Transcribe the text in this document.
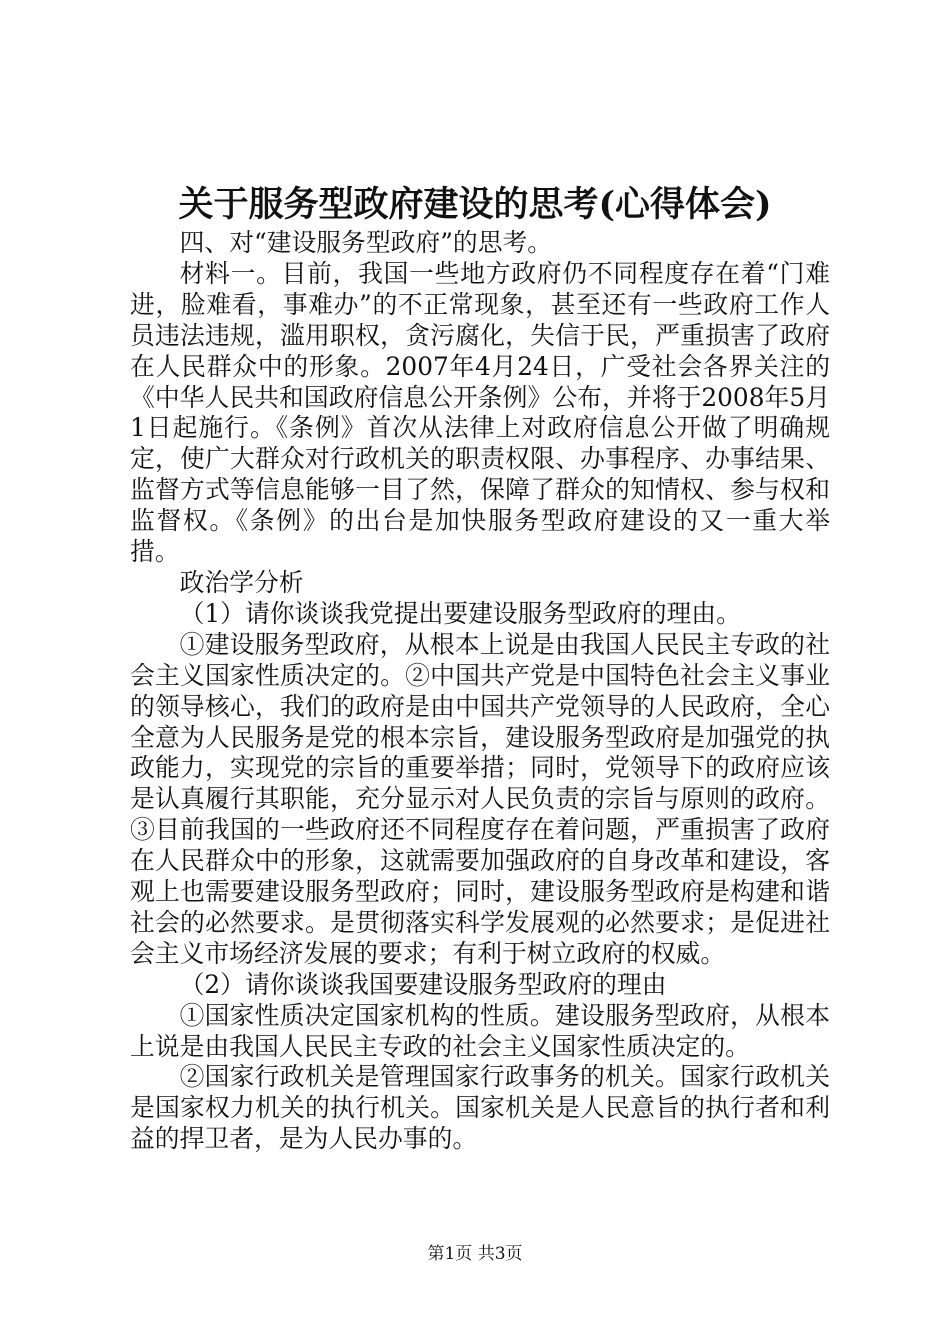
关于服务型政府建设的思考(心得体会)

四、对“建设服务型政府”的思考。

材料一。目前，我国一些地方政府仍不同程度存在着“门难进，脸难看，事难办”的不正常现象，甚至还有一些政府工作人员违法违规，滥用职权，贪污腐化，失信于民，严重损害了政府在人民群众中的形象。2007年4月24日，广受社会各界关注的《中华人民共和国政府信息公开条例》公布，并将于2008年5月1日起施行。《条例》首次从法律上对政府信息公开做了明确规定，使广大群众对行政机关的职责权限、办事程序、办事结果、监督方式等信息能够一目了然，保障了群众的知情权、参与权和监督权。《条例》的出台是加快服务型政府建设的又一重大举措。

政治学分析

（1）请你谈谈我党提出要建设服务型政府的理由。

①建设服务型政府，从根本上说是由我国人民民主专政的社会主义国家性质决定的。②中国共产党是中国特色社会主义事业的领导核心，我们的政府是由中国共产党领导的人民政府，全心全意为人民服务是党的根本宗旨，建设服务型政府是加强党的执政能力，实现党的宗旨的重要举措；同时，党领导下的政府应该是认真履行其职能，充分显示对人民负责的宗旨与原则的政府。③目前我国的一些政府还不同程度存在着问题，严重损害了政府在人民群众中的形象，这就需要加强政府的自身改革和建设，客观上也需要建设服务型政府；同时，建设服务型政府是构建和谐社会的必然要求。是贯彻落实科学发展观的必然要求；是促进社会主义市场经济发展的要求；有利于树立政府的权威。

（2）请你谈谈我国要建设服务型政府的理由

①国家性质决定国家机构的性质。建设服务型政府，从根本上说是由我国人民民主专政的社会主义国家性质决定的。

②国家行政机关是管理国家行政事务的机关。国家行政机关是国家权力机关的执行机关。国家机关是人民意旨的执行者和利益的捍卫者，是为人民办事的。

第1页 共3页
